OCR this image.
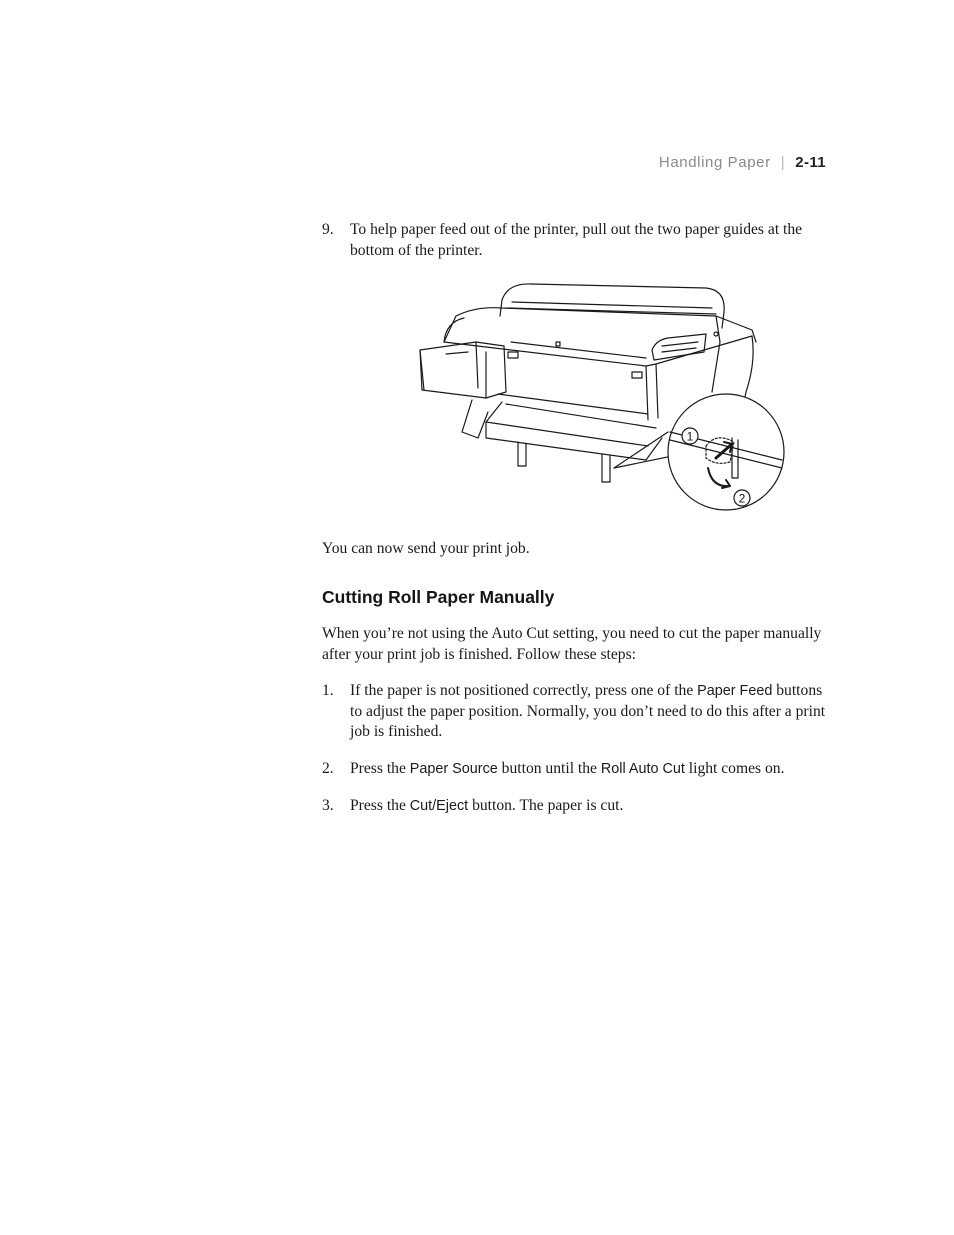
Handling Paper | 2-11
9.	To help paper feed out of the printer, pull out the two paper guides at the bottom of the printer.
1
2
You can now send your print job.
Cutting Roll Paper Manually
When you’re not using the Auto Cut setting, you need to cut the paper manually after your print job is finished. Follow these steps:
1.	If the paper is not positioned correctly, press one of the Paper Feed buttons to adjust the paper position. Normally, you don’t need to do this after a print job is finished.
2.	Press the Paper Source button until the Roll Auto Cut light comes on.
3.	Press the Cut/Eject button. The paper is cut.
